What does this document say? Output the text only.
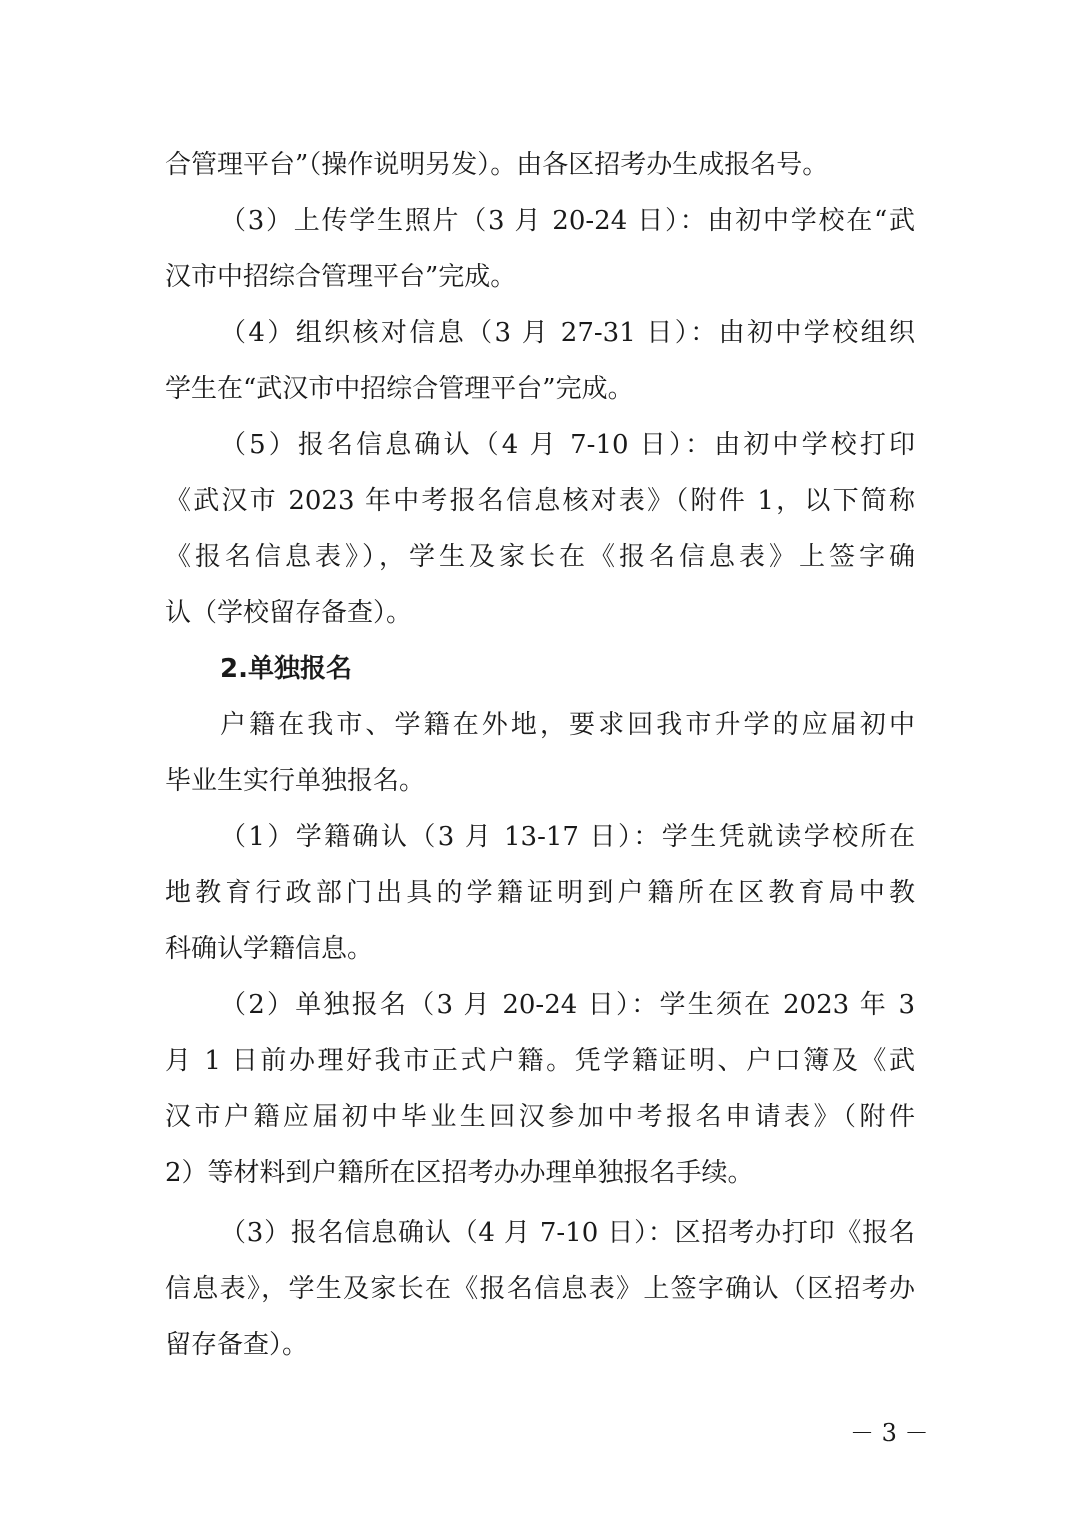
合管理平台”（操作说明另发）。由各区招考办生成报名号。
（3）上传学生照片（3 月 20-24 日）：由初中学校在“武
汉市中招综合管理平台”完成。
（4）组织核对信息（3 月 27-31 日）：由初中学校组织
学生在“武汉市中招综合管理平台”完成。
（5）报名信息确认（4 月 7-10 日）：由初中学校打印
《武汉市 2023 年中考报名信息核对表》（附件 1，以下简称
《报名信息表》），学生及家长在《报名信息表》上签字确
认（学校留存备查）。
2.单独报名
户籍在我市、学籍在外地，要求回我市升学的应届初中
毕业生实行单独报名。
（1）学籍确认（3 月 13-17 日）：学生凭就读学校所在
地教育行政部门出具的学籍证明到户籍所在区教育局中教
科确认学籍信息。
（2）单独报名（3 月 20-24 日）：学生须在 2023 年 3
月 1 日前办理好我市正式户籍。凭学籍证明、户口簿及《武
汉市户籍应届初中毕业生回汉参加中考报名申请表》（附件
2）等材料到户籍所在区招考办办理单独报名手续。
（3）报名信息确认（4 月 7-10 日）：区招考办打印《报名
信息表》，学生及家长在《报名信息表》上签字确认（区招考办
留存备查）。
－ 3 －
